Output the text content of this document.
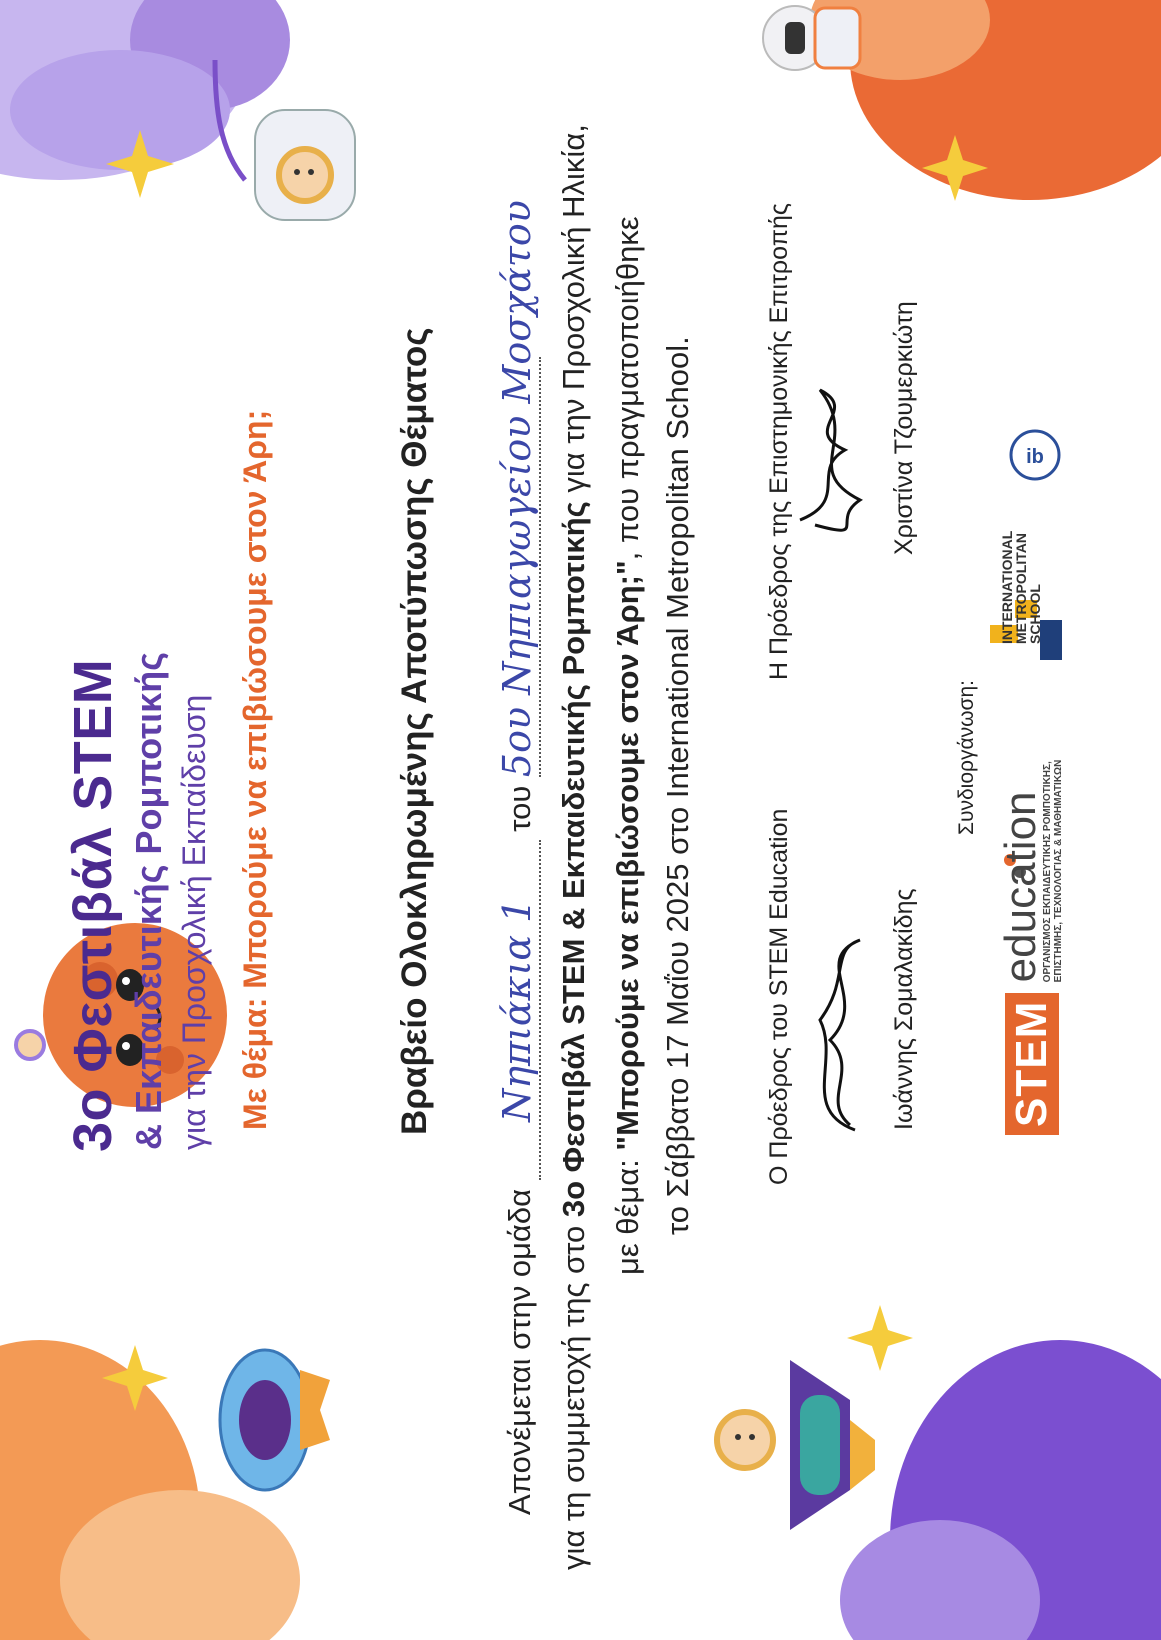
ib
3ο Φεστιβάλ STEM & Εκπαιδευτικής Ρομποτικής για την Προσχολική Εκπαίδευση Με θέμα: Μπορούμε να επιβιώσουμε στον Άρη;	Βραβείο Ολοκληρωμένης Αποτύπωσης Θέματος
Απονέμεται στην ομάδα Νηπιάκια 1 του 5ου Νηπιαγωγείου Μοσχάτου
για τη συμμετοχή της στο 3ο Φεστιβάλ STEM & Εκπαιδευτικής Ρομποτικής για την Προσχολική Ηλικία,
με θέμα: "Μπορούμε να επιβιώσουμε στον Άρη;", που πραγματοποιήθηκε το Σάββατο 17 Μαΐου 2025 στο International Metropolitan School.	Ο Πρόεδρος του STEM Education	Ιωάννης Σομαλακίδης
Η Πρόεδρος της Επιστημονικής Επιτροπής	Χριστίνα Τζουμερκιώτη
Συνδιοργάνωση:
STEM
education
ΟΡΓΑΝΙΣΜΟΣ ΕΚΠΑΙΔΕΥΤΙΚΗΣ ΡΟΜΠΟΤΙΚΗΣ, ΕΠΙΣΤΗΜΗΣ, ΤΕΧΝΟΛΟΓΙΑΣ & ΜΑΘΗΜΑΤΙΚΩΝ
INTERNATIONAL
METROPOLITAN
SCHOOL
